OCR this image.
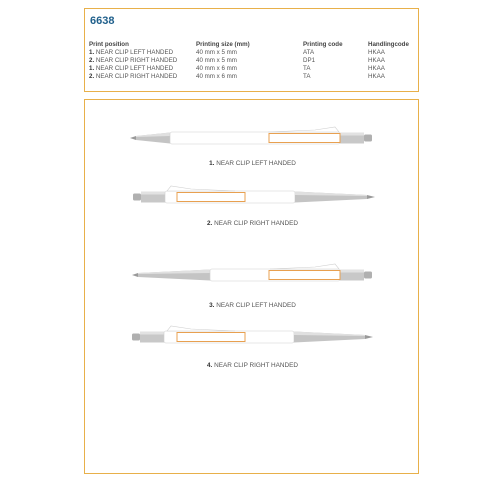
6638
Print position	Printing size (mm)	Printing code	Handlingcode
1. NEAR CLIP LEFT HANDED	40 mm x 5 mm	ATA	HKAA
2. NEAR CLIP RIGHT HANDED	40 mm x 5 mm	DP1	HKAA
1. NEAR CLIP LEFT HANDED	40 mm x 6 mm	TA	HKAA
2. NEAR CLIP RIGHT HANDED	40 mm x 6 mm	TA	HKAA
1. NEAR CLIP LEFT HANDED
2. NEAR CLIP RIGHT HANDED
3. NEAR CLIP LEFT HANDED
4. NEAR CLIP RIGHT HANDED
